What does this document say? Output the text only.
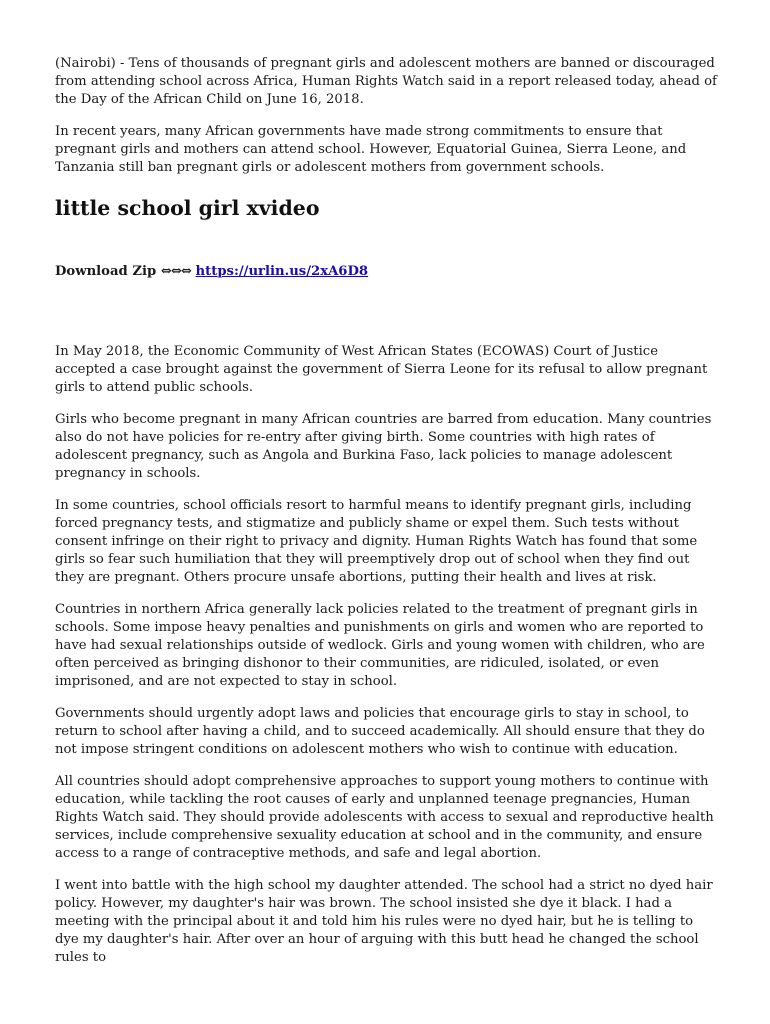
(Nairobi) - Tens of thousands of pregnant girls and adolescent mothers are banned or discouraged from attending school across Africa, Human Rights Watch said in a report released today, ahead of the Day of the African Child on June 16, 2018.

In recent years, many African governments have made strong commitments to ensure that pregnant girls and mothers can attend school. However, Equatorial Guinea, Sierra Leone, and Tanzania still ban pregnant girls or adolescent mothers from government schools.

little school girl xvideo
Download Zip ⇔⇔⇔ https://urlin.us/2xA6D8

In May 2018, the Economic Community of West African States (ECOWAS) Court of Justice accepted a case brought against the government of Sierra Leone for its refusal to allow pregnant girls to attend public schools.

Girls who become pregnant in many African countries are barred from education. Many countries also do not have policies for re-entry after giving birth. Some countries with high rates of adolescent pregnancy, such as Angola and Burkina Faso, lack policies to manage adolescent pregnancy in schools.

In some countries, school officials resort to harmful means to identify pregnant girls, including forced pregnancy tests, and stigmatize and publicly shame or expel them. Such tests without consent infringe on their right to privacy and dignity. Human Rights Watch has found that some girls so fear such humiliation that they will preemptively drop out of school when they find out they are pregnant. Others procure unsafe abortions, putting their health and lives at risk.

Countries in northern Africa generally lack policies related to the treatment of pregnant girls in schools. Some impose heavy penalties and punishments on girls and women who are reported to have had sexual relationships outside of wedlock. Girls and young women with children, who are often perceived as bringing dishonor to their communities, are ridiculed, isolated, or even imprisoned, and are not expected to stay in school.

Governments should urgently adopt laws and policies that encourage girls to stay in school, to return to school after having a child, and to succeed academically. All should ensure that they do not impose stringent conditions on adolescent mothers who wish to continue with education.

All countries should adopt comprehensive approaches to support young mothers to continue with education, while tackling the root causes of early and unplanned teenage pregnancies, Human Rights Watch said. They should provide adolescents with access to sexual and reproductive health services, include comprehensive sexuality education at school and in the community, and ensure access to a range of contraceptive methods, and safe and legal abortion.

I went into battle with the high school my daughter attended. The school had a strict no dyed hair policy. However, my daughter's hair was brown. The school insisted she dye it black. I had a meeting with the principal about it and told him his rules were no dyed hair, but he is telling to dye my daughter's hair. After over an hour of arguing with this butt head he changed the school rules to
